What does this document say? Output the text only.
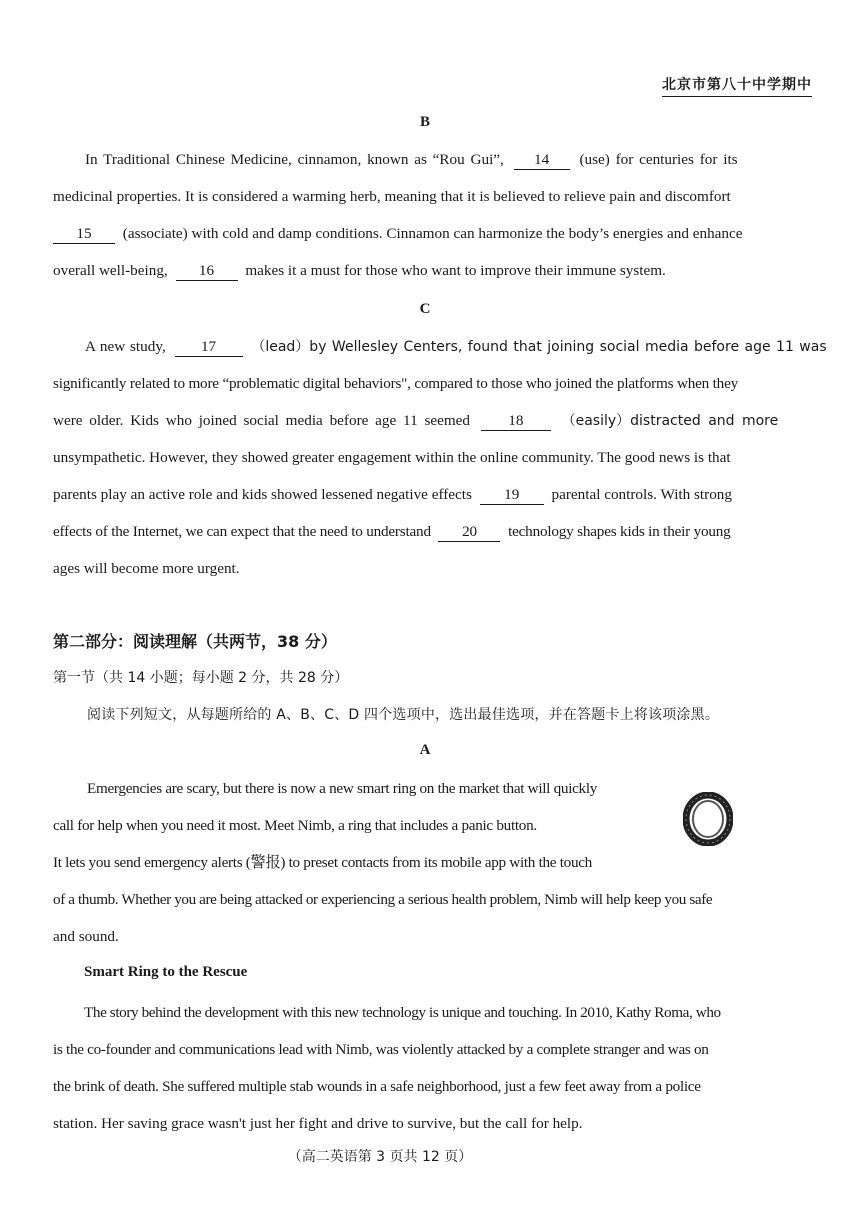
北京市第八十中学期中
B
In Traditional Chinese Medicine, cinnamon, known as “Rou Gui”, 14 (use) for centuries for its
medicinal properties. It is considered a warming herb, meaning that it is believed to relieve pain and discomfort
15 (associate) with cold and damp conditions. Cinnamon can harmonize the body’s energies and enhance
overall well-being, 16 makes it a must for those who want to improve their immune system.
C
A new study, 17	（lead）by Wellesley Centers, found that joining social media before age 11 was
significantly related to more “problematic digital behaviors", compared to those who joined the platforms when they
were older. Kids who joined social media before age 11 seemed	18	（easily）distracted and more
unsympathetic. However, they showed greater engagement within the online community. The good news is that
parents play an active role and kids showed lessened negative effects 19 parental controls. With strong
effects of the Internet, we can expect that the need to understand 20 technology shapes kids in their young
ages will become more urgent.
第二部分：阅读理解（共两节，38 分）
第一节（共 14 小题；每小题 2 分，共 28 分）
阅读下列短文，从每题所给的 A、B、C、D 四个选项中，选出最佳选项，并在答题卡上将该项涂黑。
A
Emergencies are scary, but there is now a new smart ring on the market that will quickly
call for help when you need it most. Meet Nimb, a ring that includes a panic button.
It lets you send emergency alerts (警报) to preset contacts from its mobile app with the touch
of a thumb. Whether you are being attacked or experiencing a serious health problem, Nimb will help keep you safe
and sound.
Smart Ring to the Rescue
The story behind the development with this new technology is unique and touching. In 2010, Kathy Roma, who
is the co-founder and communications lead with Nimb, was violently attacked by a complete stranger and was on
the brink of death. She suffered multiple stab wounds in a safe neighborhood, just a few feet away from a police
station. Her saving grace wasn't just her fight and drive to survive, but the call for help.
（高二英语第 3 页共 12 页）
